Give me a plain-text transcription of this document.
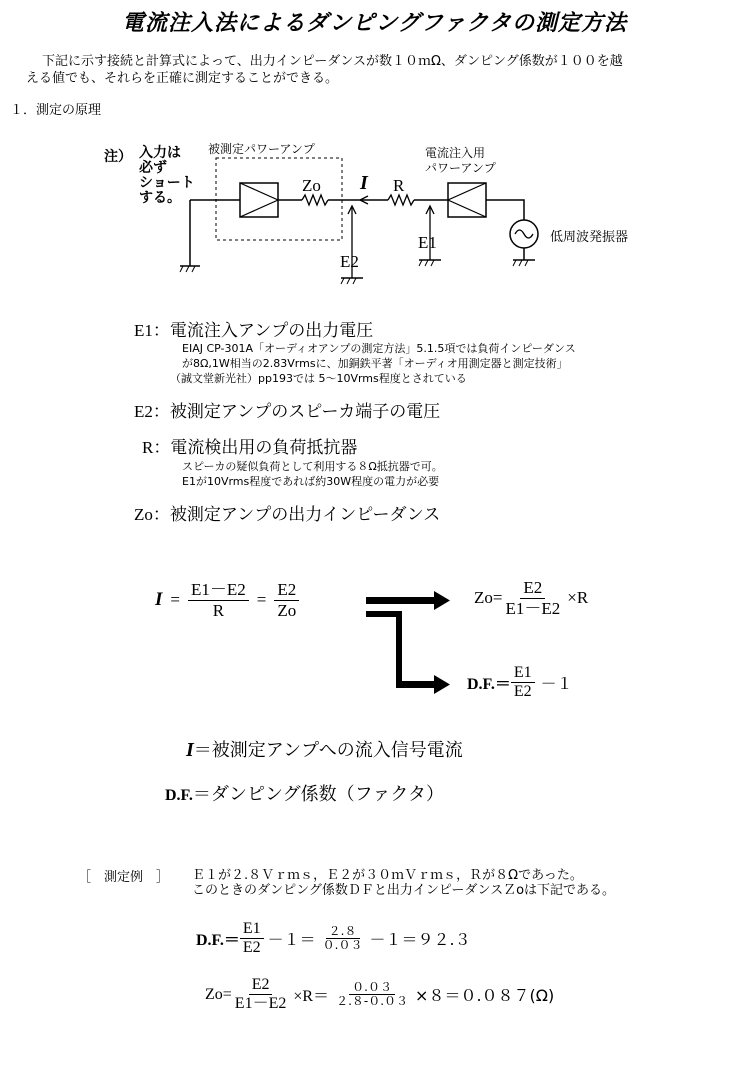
電流注入法によるダンピングファクタの測定方法
下記に示す接続と計算式によって、出力インピーダンスが数１０ｍΩ、ダンピング係数が１００を越
える値でも、それらを正確に測定することができる。
１．測定の原理
注） 入力は
必ず
ショート
する。
被測定パワーアンプ	電流注入用
パワーアンプ
Zo I R
E1
E2
低周波発振器
E1：電流注入アンプの出力電圧
EIAJ CP-301A「オーディオアンプの測定方法」5.1.5項では負荷インピーダンス
が8Ω,1W相当の2.83Vrmsに、加銅鉄平著「オーディオ用測定器と測定技術」
（誠文堂新光社）pp193では 5～10Vrms程度とされている
E2：被測定アンプのスピーカ端子の電圧
R：電流検出用の負荷抵抗器
スピーカの疑似負荷として利用する８Ω抵抗器で可。
E1が10Vrms程度であれば約30W程度の電力が必要
Zo：被測定アンプの出力インピーダンス
$I = \frac{E1-E2}{R} = \frac{E2}{Zo}$	$Zo= \frac{E2}{E1-E2} \times R$
$D.F.= \frac{E1}{E2} -1$
I＝被測定アンプへの流入信号電流
D.F.＝ダンピング係数（ファクタ）
［　測定例　］ Ｅ１が２.８Ｖｒｍｓ，Ｅ２が３０ｍＶｒｍｓ，Ｒが８Ωであった。
このときのダンピング係数ＤＦと出力インピーダンスＺoは下記である。
$D.F.= \frac{E1}{E2} -1= \frac{2.8}{0.03} -1=92.3$
$Zo= \frac{E2}{E1-E2} \times R= \frac{0.03}{2.8-0.03} \times 8=0.087(\Omega)$
